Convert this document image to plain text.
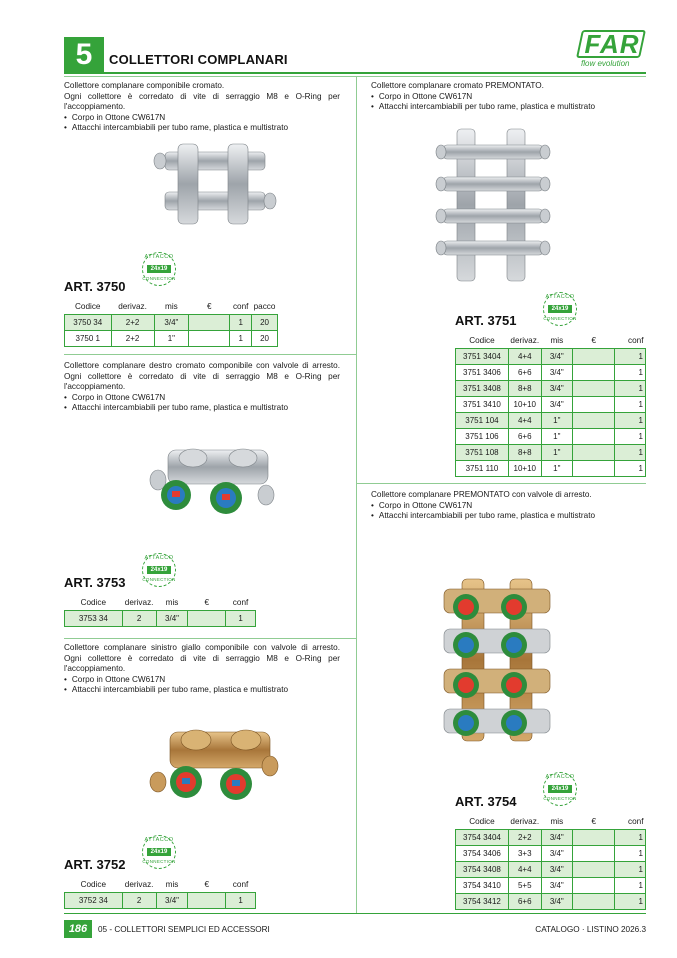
5	COLLETTORI COMPLANARI
FAR
flow evolution

Collettore complanare componibile cromato.

Ogni collettore è corredato di vite di serraggio M8 e O-Ring per l'accoppiamento.

• Corpo in Ottone CW617N
• Attacchi intercambiabili per tubo rame, plastica e multistrato
ATTACCO
24x19
CONNECTION
ART. 3750
Codice	derivaz.	mis	€	conf	pacco
3750 34	2+2	3/4"		1	20
3750 1	2+2	1"		1	20

Collettore complanare cromato PREMONTATO.

• Corpo in Ottone CW617N
• Attacchi intercambiabili per tubo rame, plastica e multistrato
ATTACCO
24x19
CONNECTION
ART. 3751
Codice	derivaz.	mis	€	conf
3751 3404	4+4	3/4"		1
3751 3406	6+6	3/4"		1
3751 3408	8+8	3/4"		1
3751 3410	10+10	3/4"		1
3751 104	4+4	1"		1
3751 106	6+6	1"		1
3751 108	8+8	1"		1
3751 110	10+10	1"		1

Collettore complanare destro cromato componibile con valvole di arresto. Ogni collettore è corredato di vite di serraggio M8 e O-Ring per l'accoppiamento.

• Corpo in Ottone CW617N
• Attacchi intercambiabili per tubo rame, plastica e multistrato
ATTACCO
24x19
CONNECTION
ART. 3753
Codice	derivaz.	mis	€	conf
3753 34	2	3/4"		1

Collettore complanare sinistro giallo componibile con valvole di arresto. Ogni collettore è corredato di vite di serraggio M8 e O-Ring per l'accoppiamento.

• Corpo in Ottone CW617N
• Attacchi intercambiabili per tubo rame, plastica e multistrato
ATTACCO
24x19
CONNECTION
ART. 3752
Codice	derivaz.	mis	€	conf
3752 34	2	3/4"		1

Collettore complanare PREMONTATO con valvole di arresto.

• Corpo in Ottone CW617N
• Attacchi intercambiabili per tubo rame, plastica e multistrato
ATTACCO
24x19
CONNECTION
ART. 3754
Codice	derivaz.	mis	€	conf
3754 3404	2+2	3/4"		1
3754 3406	3+3	3/4"		1
3754 3408	4+4	3/4"		1
3754 3410	5+5	3/4"		1
3754 3412	6+6	3/4"		1
186	05 - COLLETTORI SEMPLICI ED ACCESSORI	CATALOGO · LISTINO 2026.3
